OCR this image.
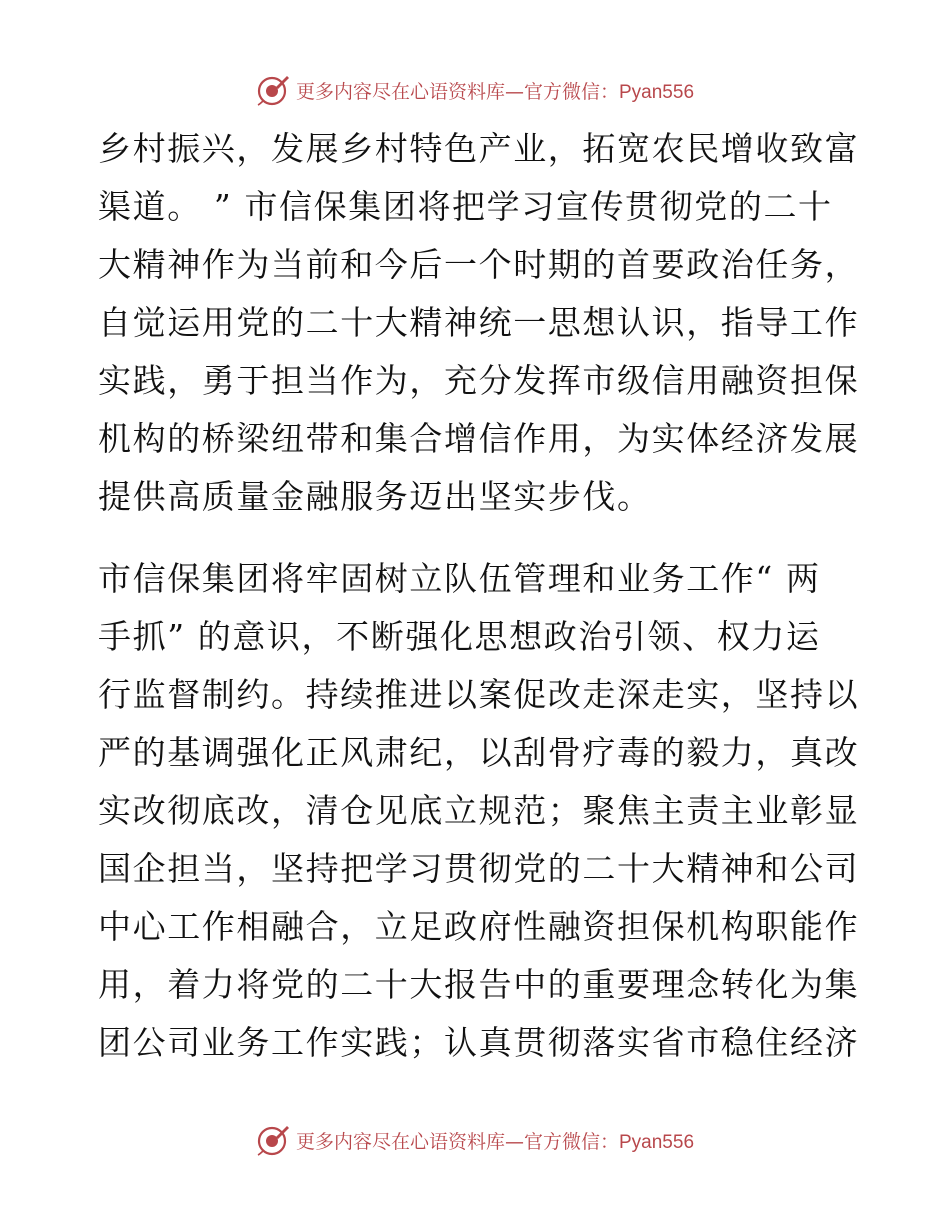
更多内容尽在心语资料库—官方微信：Pyan556
乡村振兴，发展乡村特色产业，拓宽农民增收致富
渠道。 ” 市信保集团将把学习宣传贯彻党的二十
大精神作为当前和今后一个时期的首要政治任务，
自觉运用党的二十大精神统一思想认识，指导工作
实践，勇于担当作为，充分发挥市级信用融资担保
机构的桥梁纽带和集合增信作用，为实体经济发展
提供高质量金融服务迈出坚实步伐。
市信保集团将牢固树立队伍管理和业务工作“ 两
手抓” 的意识，不断强化思想政治引领、权力运
行监督制约。持续推进以案促改走深走实，坚持以
严的基调强化正风肃纪，以刮骨疗毒的毅力，真改
实改彻底改，清仓见底立规范；聚焦主责主业彰显
国企担当，坚持把学习贯彻党的二十大精神和公司
中心工作相融合，立足政府性融资担保机构职能作
用，着力将党的二十大报告中的重要理念转化为集
团公司业务工作实践；认真贯彻落实省市稳住经济
更多内容尽在心语资料库—官方微信：Pyan556
